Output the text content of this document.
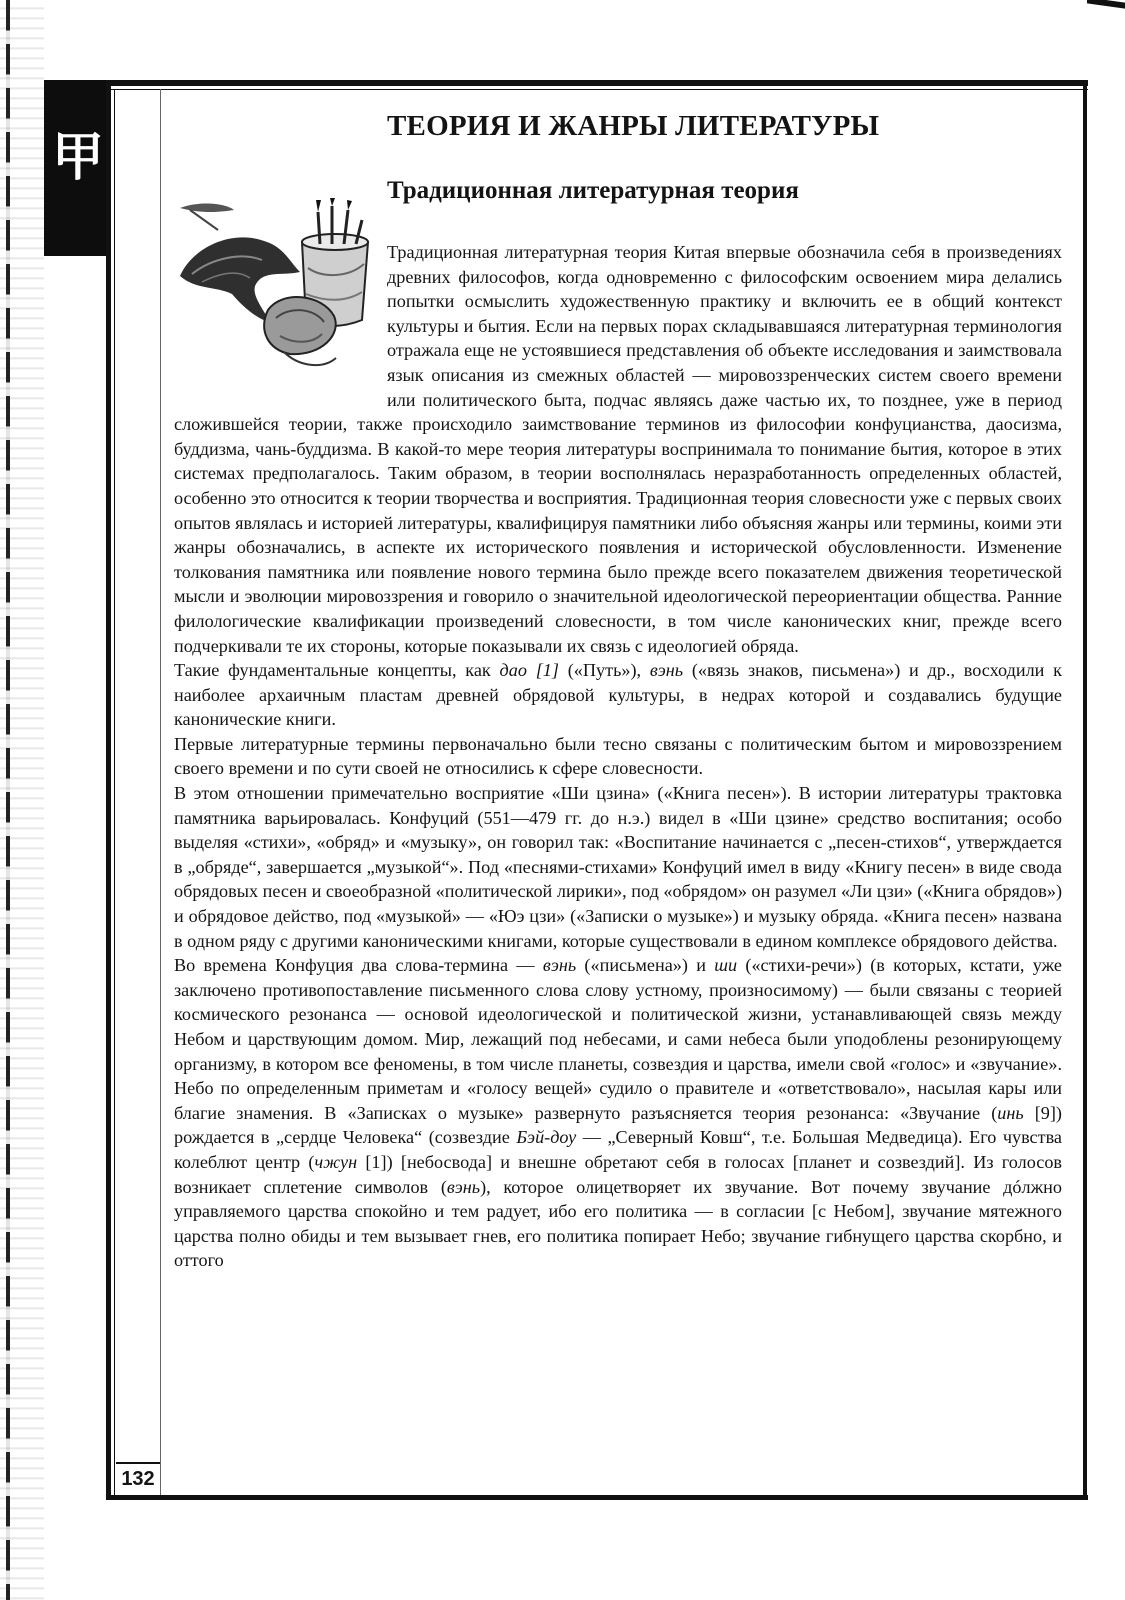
甲
132
ТЕОРИЯ И ЖАНРЫ ЛИТЕРАТУРЫ
Традиционная литературная теория

Традиционная литературная теория Китая впервые обозначила себя в произведениях древних философов, когда одновременно с философским освоением мира делались попытки осмыслить художественную практику и включить ее в общий контекст культуры и бытия. Если на первых порах складывавшаяся литературная терминология отражала еще не устоявшиеся представления об объекте исследования и заимствовала язык описания из смежных областей — мировоззренческих систем своего времени или политического быта, подчас являясь даже частью их, то позднее, уже в период сложившейся теории, также происходило заимствование терминов из философии конфуцианства, даосизма, буддизма, чань-буддизма. В какой-то мере теория литературы воспринимала то понимание бытия, которое в этих системах предполагалось. Таким образом, в теории восполнялась неразработанность определенных областей, особенно это относится к теории творчества и восприятия. Традиционная теория словесности уже с первых своих опытов являлась и историей литературы, квалифицируя памятники либо объясняя жанры или термины, коими эти жанры обозначались, в аспекте их исторического появления и исторической обусловленности. Изменение толкования памятника или появление нового термина было прежде всего показателем движения теоретической мысли и эволюции мировоззрения и говорило о значительной идеологической переориентации общества. Ранние филологические квалификации произведений словесности, в том числе канонических книг, прежде всего подчеркивали те их стороны, которые показывали их связь с идеологией обряда.

Такие фундаментальные концепты, как дао [1] («Путь»), вэнь («вязь знаков, письмена») и др., восходили к наиболее архаичным пластам древней обрядовой культуры, в недрах которой и создавались будущие канонические книги.

Первые литературные термины первоначально были тесно связаны с политическим бытом и мировоззрением своего времени и по сути своей не относились к сфере словесности.

В этом отношении примечательно восприятие «Ши цзина» («Книга песен»). В истории литературы трактовка памятника варьировалась. Конфуций (551—479 гг. до н.э.) видел в «Ши цзине» средство воспитания; особо выделяя «стихи», «обряд» и «музыку», он говорил так: «Воспитание начинается с „песен-стихов“, утверждается в „обряде“, завершается „музыкой“». Под «песнями-стихами» Конфуций имел в виду «Книгу песен» в виде свода обрядовых песен и своеобразной «политической лирики», под «обрядом» он разумел «Ли цзи» («Книга обрядов») и обрядовое действо, под «музыкой» — «Юэ цзи» («Записки о музыке») и музыку обряда. «Книга песен» названа в одном ряду с другими каноническими книгами, которые существовали в едином комплексе обрядового действа.

Во времена Конфуция два слова-термина — вэнь («письмена») и ши («стихи-речи») (в которых, кстати, уже заключено противопоставление письменного слова слову устному, произносимому) — были связаны с теорией космического резонанса — основой идеологической и политической жизни, устанавливающей связь между Небом и царствующим домом. Мир, лежащий под небесами, и сами небеса были уподоблены резонирующему организму, в котором все феномены, в том числе планеты, созвездия и царства, имели свой «голос» и «звучание». Небо по определенным приметам и «голосу вещей» судило о правителе и «ответствовало», насылая кары или благие знамения. В «Записках о музыке» развернуто разъясняется теория резонанса: «Звучание (инь [9]) рождается в „сердце Человека“ (созвездие Бэй-доу — „Северный Ковш“, т.е. Большая Медведица). Его чувства колеблют центр (чжун [1]) [небосвода] и внешне обретают себя в голосах [планет и созвездий]. Из голосов возникает сплетение символов (вэнь), которое олицетворяет их звучание. Вот почему звучание дóлжно управляемого царства спокойно и тем радует, ибо его политика — в согласии [с Небом], звучание мятежного царства полно обиды и тем вызывает гнев, его политика попирает Небо; звучание гибнущего царства скорбно, и оттого
